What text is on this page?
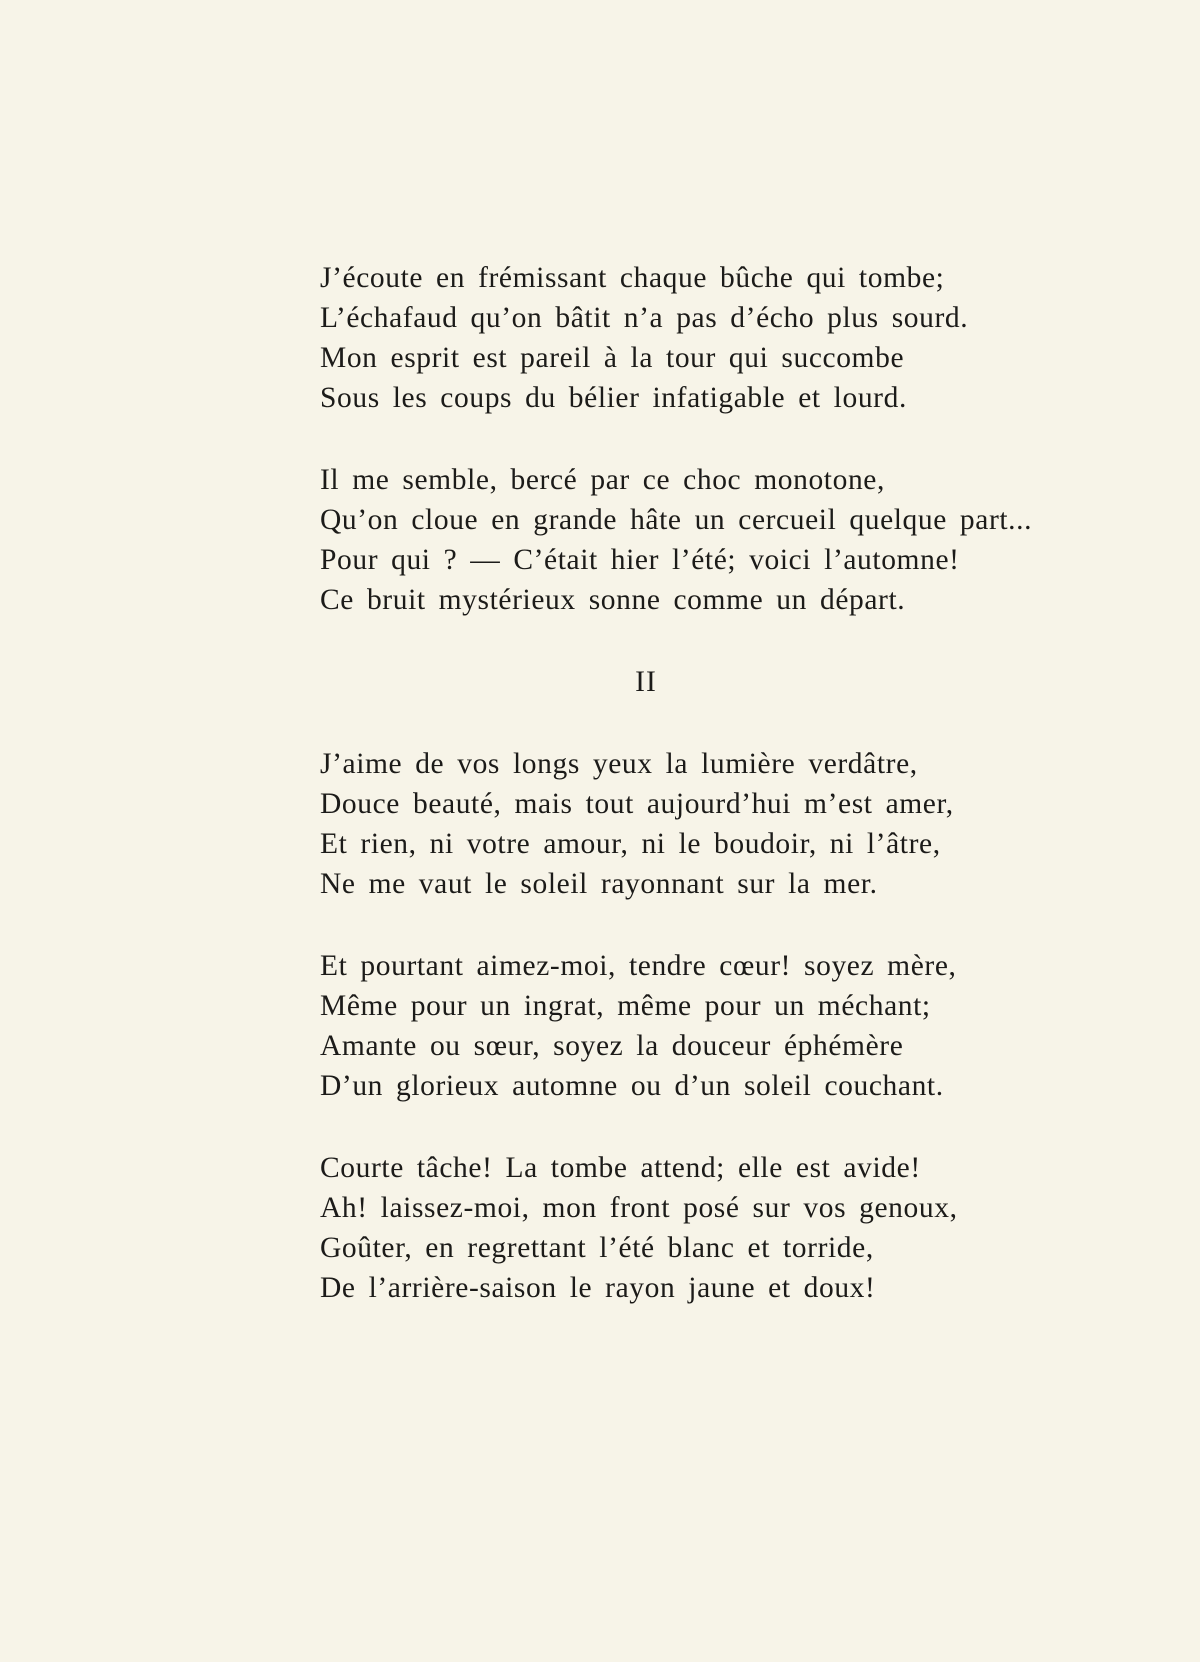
J’écoute en frémissant chaque bûche qui tombe;
L’échafaud qu’on bâtit n’a pas d’écho plus sourd.
Mon esprit est pareil à la tour qui succombe
Sous les coups du bélier infatigable et lourd.
Il me semble, bercé par ce choc monotone,
Qu’on cloue en grande hâte un cercueil quelque part...
Pour qui ? — C’était hier l’été; voici l’automne!
Ce bruit mystérieux sonne comme un départ.
II
J’aime de vos longs yeux la lumière verdâtre,
Douce beauté, mais tout aujourd’hui m’est amer,
Et rien, ni votre amour, ni le boudoir, ni l’âtre,
Ne me vaut le soleil rayonnant sur la mer.
Et pourtant aimez-moi, tendre cœur! soyez mère,
Même pour un ingrat, même pour un méchant;
Amante ou sœur, soyez la douceur éphémère
D’un glorieux automne ou d’un soleil couchant.
Courte tâche! La tombe attend; elle est avide!
Ah! laissez-moi, mon front posé sur vos genoux,
Goûter, en regrettant l’été blanc et torride,
De l’arrière-saison le rayon jaune et doux!
